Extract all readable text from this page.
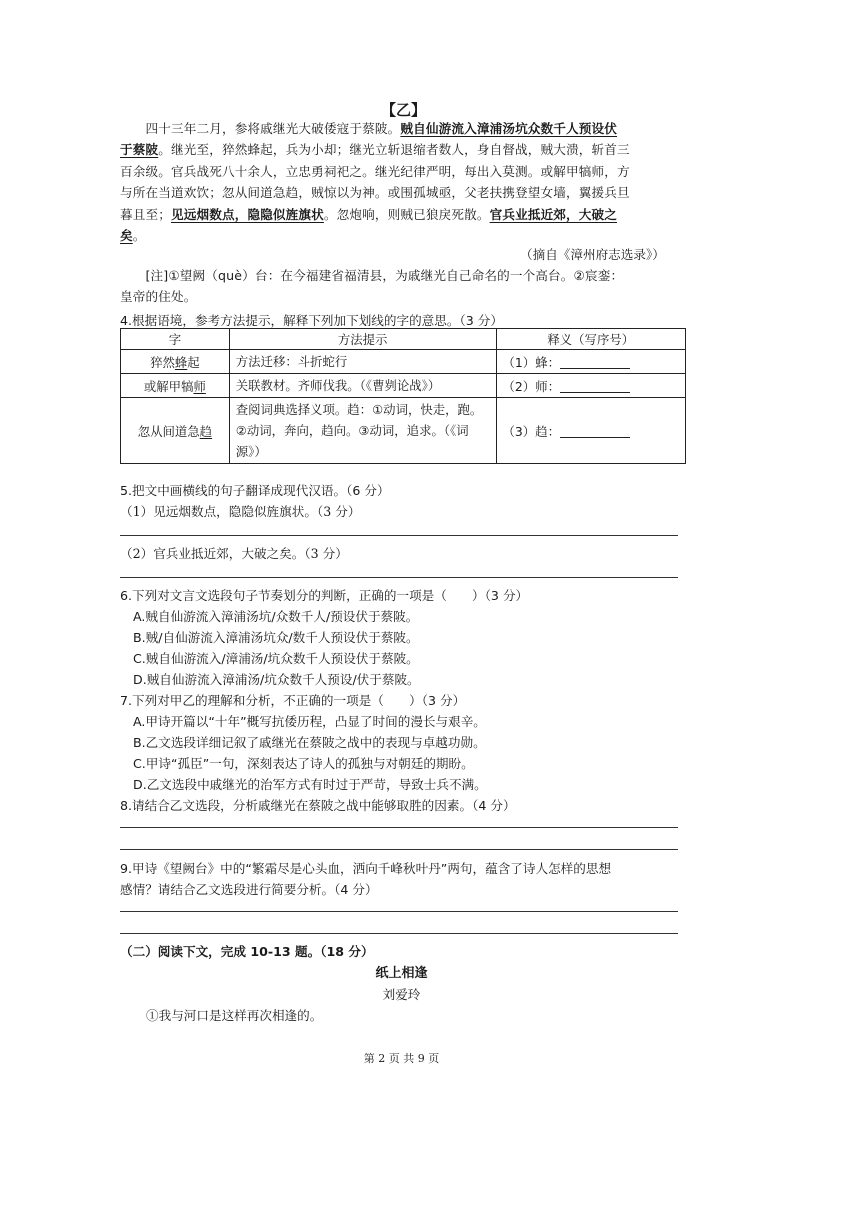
【乙】
　　四十三年二月，参将戚继光大破倭寇于蔡陂。贼自仙游流入漳浦汤坑众数千人预设伏
于蔡陂。继光至，猝然蜂起，兵为小却；继光立斩退缩者数人，身自督战，贼大溃，斩首三
百余级。官兵战死八十余人，立忠勇祠祀之。继光纪律严明，每出入莫测。或解甲犒师，方
与所在当道欢饮；忽从间道急趋，贼惊以为神。或围孤城亟，父老扶携登望女墙，翼援兵旦
暮且至；见远烟数点，隐隐似旌旗状。忽炮响，则贼已狼戾死散。官兵业抵近郊，大破之
矣。
（摘自《漳州府志选录》）
　　[注]①望阙（què）台：在今福建省福清县，为戚继光自己命名的一个高台。②宸銮：
皇帝的住处。
4.根据语境，参考方法提示，解释下列加下划线的字的意思。（3 分）
字	方法提示	释义（写序号）
猝然蜂起	方法迁移：斗折蛇行	（1）蜂：
或解甲犒师	关联教材。齐师伐我。（《曹刿论战》）	（2）师：
忽从间道急趋	查阅词典选择义项。趋：①动词，快走，跑。②动词，奔向，趋向。③动词，追求。（《词源》）	（3）趋：
5.把文中画横线的句子翻译成现代汉语。（6 分）
（1）见远烟数点，隐隐似旌旗状。（3 分）
（2）官兵业抵近郊，大破之矣。（3 分）
6.下列对文言文选段句子节奏划分的判断，正确的一项是（　　）（3 分）
A.贼自仙游流入漳浦汤坑/众数千人/预设伏于蔡陂。
B.贼/自仙游流入漳浦汤坑众/数千人预设伏于蔡陂。
C.贼自仙游流入/漳浦汤/坑众数千人预设伏于蔡陂。
D.贼自仙游流入漳浦汤/坑众数千人预设/伏于蔡陂。
7.下列对甲乙的理解和分析，不正确的一项是（　　）（3 分）
A.甲诗开篇以“十年”概写抗倭历程，凸显了时间的漫长与艰辛。
B.乙文选段详细记叙了戚继光在蔡陂之战中的表现与卓越功勋。
C.甲诗“孤臣”一句，深刻表达了诗人的孤独与对朝廷的期盼。
D.乙文选段中戚继光的治军方式有时过于严苛，导致士兵不满。
8.请结合乙文选段，分析戚继光在蔡陂之战中能够取胜的因素。（4 分）
9.甲诗《望阙台》中的“繁霜尽是心头血，洒向千峰秋叶丹”两句，蕴含了诗人怎样的思想
感情？请结合乙文选段进行简要分析。（4 分）
（二）阅读下文，完成 10-13 题。（18 分）
纸上相逢
刘爱玲
①我与河口是这样再次相逢的。
第 2 页 共 9 页
